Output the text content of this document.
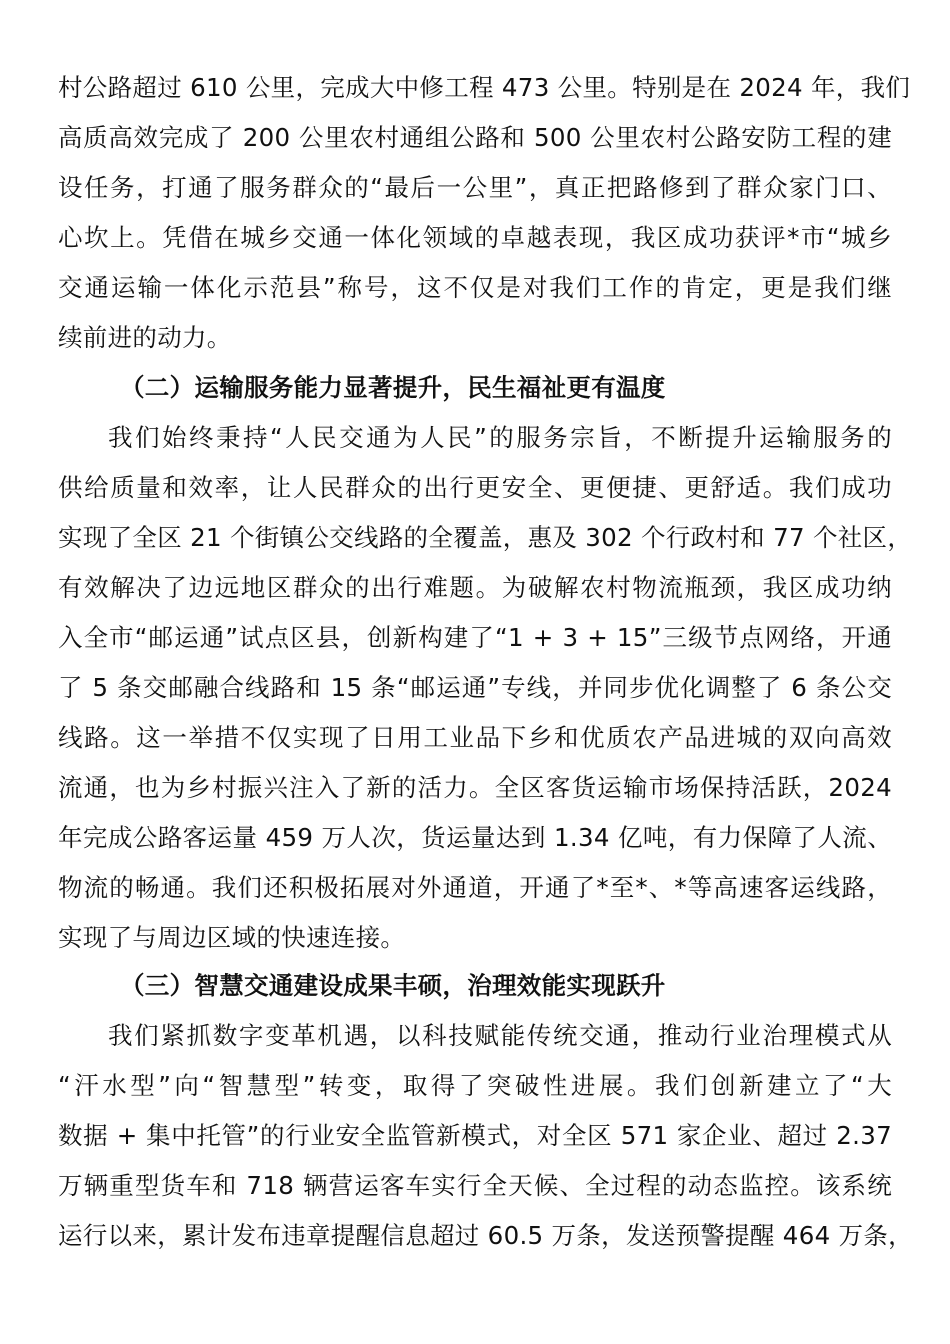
村公路超过 610 公里，完成大中修工程 473 公里。特别是在 2024 年，我们
高质高效完成了 200 公里农村通组公路和 500 公里农村公路安防工程的建
设任务，打通了服务群众的“最后一公里”，真正把路修到了群众家门口、
心坎上。凭借在城乡交通一体化领域的卓越表现，我区成功获评*市“城乡
交通运输一体化示范县”称号，这不仅是对我们工作的肯定，更是我们继
续前进的动力。
（二）运输服务能力显著提升，民生福祉更有温度
我们始终秉持“人民交通为人民”的服务宗旨，不断提升运输服务的
供给质量和效率，让人民群众的出行更安全、更便捷、更舒适。我们成功
实现了全区 21 个街镇公交线路的全覆盖，惠及 302 个行政村和 77 个社区，
有效解决了边远地区群众的出行难题。为破解农村物流瓶颈，我区成功纳
入全市“邮运通”试点区县，创新构建了“1 + 3 + 15”三级节点网络，开通
了 5 条交邮融合线路和 15 条“邮运通”专线，并同步优化调整了 6 条公交
线路。这一举措不仅实现了日用工业品下乡和优质农产品进城的双向高效
流通，也为乡村振兴注入了新的活力。全区客货运输市场保持活跃，2024
年完成公路客运量 459 万人次，货运量达到 1.34 亿吨，有力保障了人流、
物流的畅通。我们还积极拓展对外通道，开通了*至*、*等高速客运线路，
实现了与周边区域的快速连接。
（三）智慧交通建设成果丰硕，治理效能实现跃升
我们紧抓数字变革机遇，以科技赋能传统交通，推动行业治理模式从
“汗水型”向“智慧型”转变，取得了突破性进展。我们创新建立了“大
数据 + 集中托管”的行业安全监管新模式，对全区 571 家企业、超过 2.37
万辆重型货车和 718 辆营运客车实行全天候、全过程的动态监控。该系统
运行以来，累计发布违章提醒信息超过 60.5 万条，发送预警提醒 464 万条，
